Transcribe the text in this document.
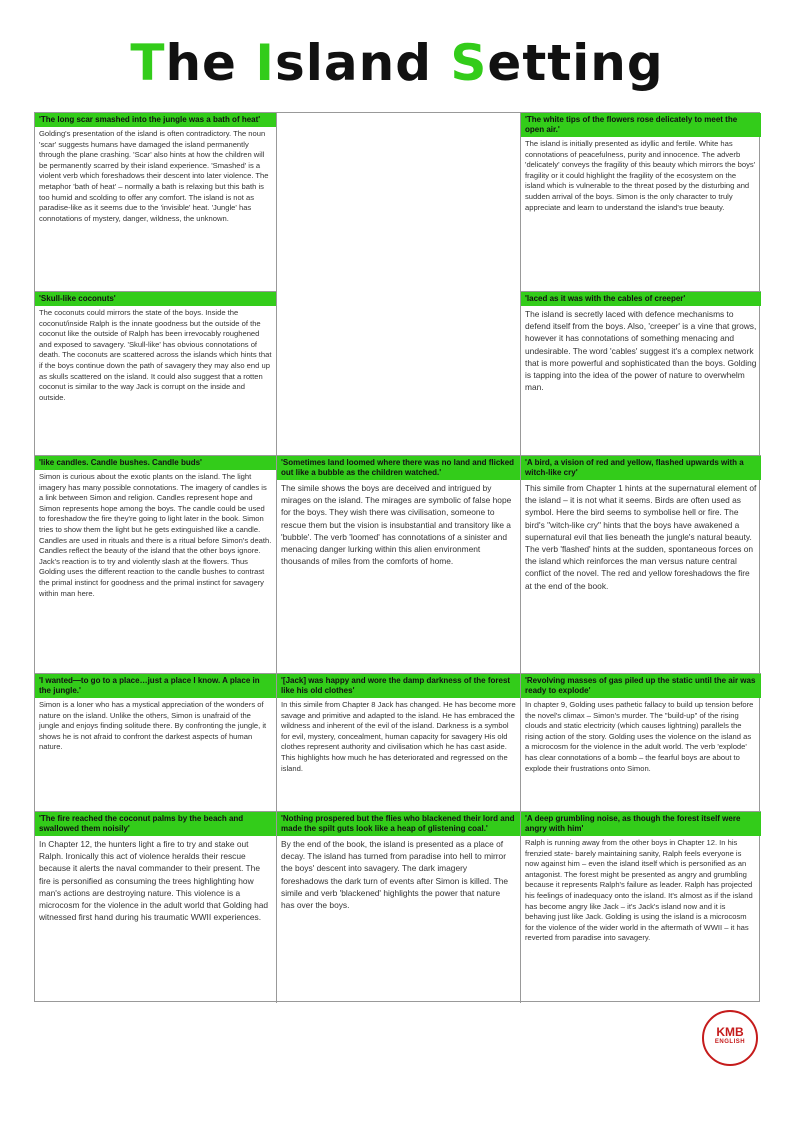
The Island Setting
'The long scar smashed into the jungle was a bath of heat'
Golding's presentation of the island is often contradictory. The noun 'scar' suggests humans have damaged the island permanently through the plane crashing. 'Scar' also hints at how the children will be permanently scarred by their island experience. 'Smashed' is a violent verb which foreshadows their descent into later violence. The metaphor 'bath of heat' – normally a bath is relaxing but this bath is too humid and scolding to offer any comfort. The island is not as paradise-like as it seems due to the 'invisible' heat. 'Jungle' has connotations of mystery, danger, wildness, the unknown.
'The white tips of the flowers rose delicately to meet the open air.'
The island is initially presented as idyllic and fertile. White has connotations of peacefulness, purity and innocence. The adverb 'delicately' conveys the fragility of this beauty which mirrors the boys' fragility or it could highlight the fragility of the ecosystem on the island which is vulnerable to the threat posed by the disturbing and sudden arrival of the boys. Simon is the only character to truly appreciate and learn to understand the island's true beauty.
'Skull-like coconuts'
The coconuts could mirrors the state of the boys. Inside the coconut/inside Ralph is the innate goodness but the outside of the coconut like the outside of Ralph has been irrevocably roughened and exposed to savagery. 'Skull-like' has obvious connotations of death. The coconuts are scattered across the islands which hints that if the boys continue down the path of savagery they may also end up as skulls scattered on the island. It could also suggest that a rotten coconut is similar to the way Jack is corrupt on the inside and outside.
'laced as it was with the cables of creeper'
The island is secretly laced with defence mechanisms to defend itself from the boys. Also, 'creeper' is a vine that grows, however it has connotations of something menacing and undesirable. The word 'cables' suggest it's a complex network that is more powerful and sophisticated than the boys. Golding is tapping into the idea of the power of nature to overwhelm man.
'like candles. Candle bushes. Candle buds'
Simon is curious about the exotic plants on the island. The light imagery has many possible connotations. The imagery of candles is a link between Simon and religion. Candles represent hope and Simon represents hope among the boys. The candle could be used to foreshadow the fire they're going to light later in the book. Simon tries to show them the light but he gets extinguished like a candle. Candles are used in rituals and there is a ritual before Simon's death. Candles reflect the beauty of the island that the other boys ignore. Jack's reaction is to try and violently slash at the flowers. Thus Golding uses the different reaction to the candle bushes to contrast the primal instinct for goodness and the primal instinct for savagery within man here.
'Sometimes land loomed where there was no land and flicked out like a bubble as the children watched.'
The simile shows the boys are deceived and intrigued by mirages on the island. The mirages are symbolic of false hope for the boys. They wish there was civilisation, someone to rescue them but the vision is insubstantial and transitory like a 'bubble'. The verb 'loomed' has connotations of a sinister and menacing danger lurking within this alien environment thousands of miles from the comforts of home.
'A bird, a vision of red and yellow, flashed upwards with a witch-like cry'
This simile from Chapter 1 hints at the supernatural element of the island – it is not what it seems. Birds are often used as symbol. Here the bird seems to symbolise hell or fire. The bird's "witch-like cry" hints that the boys have awakened a supernatural evil that lies beneath the jungle's natural beauty. The verb 'flashed' hints at the sudden, spontaneous forces on the island which reinforces the man versus nature central conflict of the novel. The red and yellow foreshadows the fire at the end of the book.
'I wanted—to go to a place…just a place I know. A place in the jungle.'
Simon is a loner who has a mystical appreciation of the wonders of nature on the island. Unlike the others, Simon is unafraid of the jungle and enjoys finding solitude there. By confronting the jungle, it shows he is not afraid to confront the darkest aspects of human nature.
'[Jack] was happy and wore the damp darkness of the forest like his old clothes'
In this simile from Chapter 8 Jack has changed. He has become more savage and primitive and adapted to the island. He has embraced the wildness and inherent of the evil of the island. Darkness is a symbol for evil, mystery, concealment, human capacity for savagery His old clothes represent authority and civilisation which he has cast aside. This highlights how much he has deteriorated and regressed on the island.
'Revolving masses of gas piled up the static until the air was ready to explode'
In chapter 9, Golding uses pathetic fallacy to build up tension before the novel's climax – Simon's murder. The "build-up" of the rising clouds and static electricity (which causes lightning) parallels the rising action of the story. Golding uses the violence on the island as a microcosm for the violence in the adult world. The verb 'explode' has clear connotations of a bomb – the fearful boys are about to explode their frustrations onto Simon.
'The fire reached the coconut palms by the beach and swallowed them noisily'
In Chapter 12, the hunters light a fire to try and stake out Ralph. Ironically this act of violence heralds their rescue because it alerts the naval commander to their present. The fire is personified as consuming the trees highlighting how man's actions are destroying nature. This violence is a microcosm for the violence in the adult world that Golding had witnessed first hand during his traumatic WWII experiences.
'Nothing prospered but the flies who blackened their lord and made the spilt guts look like a heap of glistening coal.'
By the end of the book, the island is presented as a place of decay. The island has turned from paradise into hell to mirror the boys' descent into savagery. The dark imagery foreshadows the dark turn of events after Simon is killed. The simile and verb 'blackened' highlights the power that nature has over the boys.
'A deep grumbling noise, as though the forest itself were angry with him'
Ralph is running away from the other boys in Chapter 12. In his frenzied state- barely maintaining sanity, Ralph feels everyone is now against him – even the island itself which is personified as an antagonist. The forest might be presented as angry and grumbling because it represents Ralph's failure as leader. Ralph has projected his feelings of inadequacy onto the island. It's almost as if the island has become angry like Jack – it's Jack's island now and it is behaving just like Jack. Golding is using the island is a microcosm for the violence of the wider world in the aftermath of WWII – it has reverted from paradise into savagery.
KMB
ENGLISH
